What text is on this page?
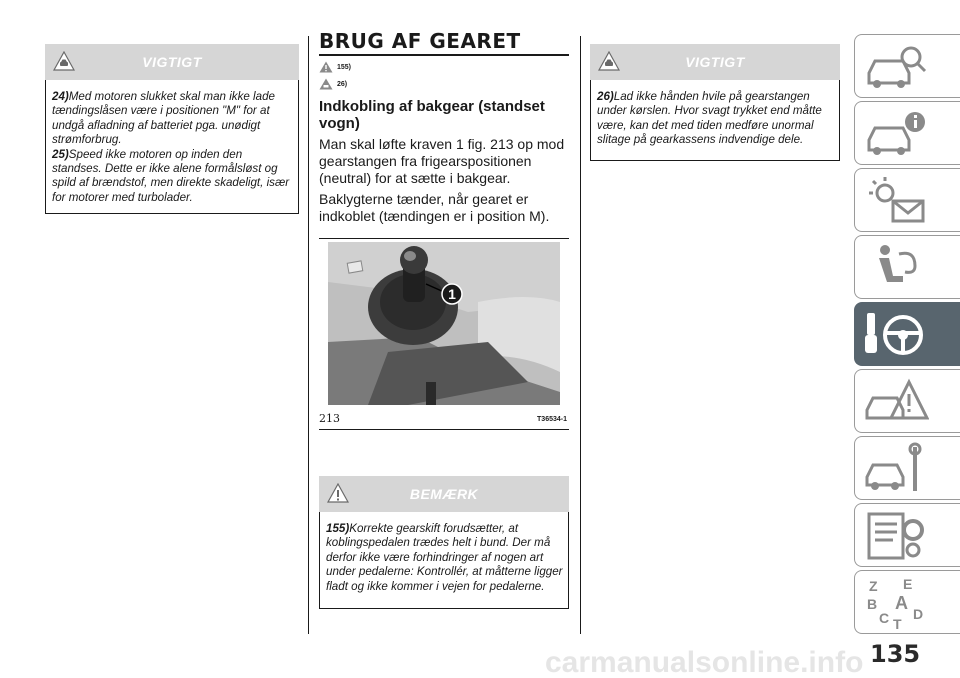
VIGTIGT

24)Med motoren slukket skal man ikke lade tændingslåsen være i positionen "M" for at undgå afladning af batteriet pga. unødigt strømforbrug.

25)Speed ikke motoren op inden den standses. Dette er ikke alene formålsløst og spild af brændstof, men direkte skadeligt, især for motorer med turbolader.

BRUG AF GEARET
155)
26)
Indkobling af bakgear (standset vogn)

Man skal løfte kraven 1 fig. 213 op mod gearstangen fra frigearspositionen (neutral) for at sætte i bakgear.

Baklygterne tænder, når gearet er indkoblet (tændingen er i position M).

1
213	T36534-1
BEMÆRK

155)Korrekte gearskift forudsætter, at koblingspedalen trædes helt i bund. Der må derfor ikke være forhindringer af nogen art under pedalerne: Kontrollér, at måtterne ligger fladt og ikke kommer i vejen for pedalerne.

VIGTIGT

26)Lad ikke hånden hvile på gearstangen under kørslen. Hvor svagt trykket end måtte være, kan det med tiden medføre unormal slitage på gearkassens indvendige dele.

Z E
B A
D
C T
carmanualsonline.info 135
